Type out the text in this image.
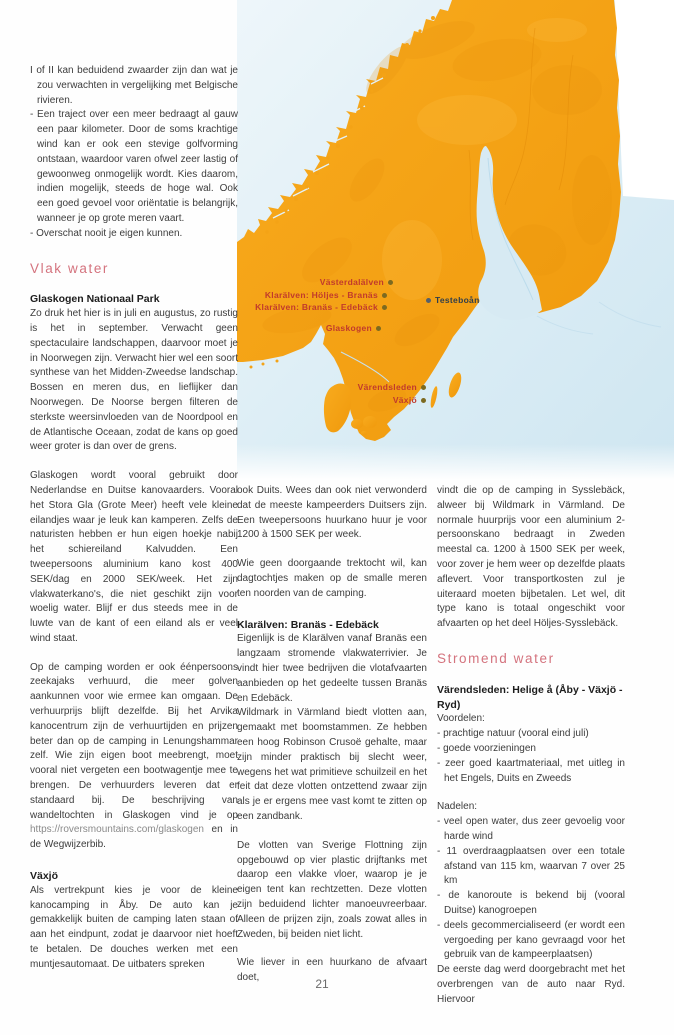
Västerdalälven
Klarälven: Höljes - Branäs
Klarälven: Branäs - Edebäck
Testeboån
Glaskogen
Värendsleden
Växjö

I of II kan beduidend zwaarder zijn dan wat je zou verwachten in vergelijking met Belgische rivieren.

- Een traject over een meer bedraagt al gauw een paar kilometer. Door de soms krachtige wind kan er ook een stevige golfvorming ontstaan, waardoor varen ofwel zeer lastig of gewoonweg onmogelijk wordt. Kies daarom, indien mogelijk, steeds de hoge wal. Ook een goed gevoel voor oriëntatie is belangrijk, wanneer je op grote meren vaart.

- Overschat nooit je eigen kunnen.

Vlak water
Glaskogen Nationaal Park

Zo druk het hier is in juli en augustus, zo rustig is het in september. Verwacht geen spectaculaire landschappen, daarvoor moet je in Noorwegen zijn. Verwacht hier wel een soort synthese van het Midden-Zweedse landschap. Bossen en meren dus, en lieflijker dan Noorwegen. De Noorse bergen filteren de sterkste weersinvloeden van de Noordpool en de Atlantische Oceaan, zodat de kans op goed weer groter is dan over de grens.

Glaskogen wordt vooral gebruikt door Nederlandse en Duitse kanovaarders. Vooral het Stora Gla (Grote Meer) heeft vele kleine eilandjes waar je leuk kan kamperen. Zelfs de naturisten hebben er hun eigen hoekje nabij het schiereiland Kalvudden. Een tweepersoons aluminium kano kost 400 SEK/dag en 2000 SEK/week. Het zijn vlakwaterkano's, die niet geschikt zijn voor woelig water. Blijf er dus steeds mee in de luwte van de kant of een eiland als er veel wind staat.

Op de camping worden er ook éénpersoons zeekajaks verhuurd, die meer golven aankunnen voor wie ermee kan omgaan. De verhuurprijs blijft dezelfde. Bij het Arvika kanocentrum zijn de verhuurtijden en prijzen beter dan op de camping in Lenungshammar zelf. Wie zijn eigen boot meebrengt, moet vooral niet vergeten een bootwagentje mee te brengen. De verhuurders leveren dat er standaard bij. De beschrijving van wandeltochten in Glaskogen vind je op https://roversmountains.com/glaskogen en in de Wegwijzerbib.

Växjö

Als vertrekpunt kies je voor de kleine kanocamping in Åby. De auto kan je gemakkelijk buiten de camping laten staan of aan het eindpunt, zodat je daarvoor niet hoeft te betalen. De douches werken met een muntjesautomaat. De uitbaters spreken

ook Duits. Wees dan ook niet verwonderd dat de meeste kampeerders Duitsers zijn. Een tweepersoons huurkano huur je voor 1200 à 1500 SEK per week.

Wie geen doorgaande trektocht wil, kan dagtochtjes maken op de smalle meren ten noorden van de camping.

Klarälven: Branäs - Edebäck

Eigenlijk is de Klarälven vanaf Branäs een langzaam stromende vlakwaterrivier. Je vindt hier twee bedrijven die vlotafvaarten aanbieden op het gedeelte tussen Branäs en Edebäck.

Wildmark in Värmland biedt vlotten aan, gemaakt met boomstammen. Ze hebben een hoog Robinson Crusoë gehalte, maar zijn minder praktisch bij slecht weer, wegens het wat primitieve schuilzeil en het feit dat deze vlotten ontzettend zwaar zijn als je er ergens mee vast komt te zitten op een zandbank.

De vlotten van Sverige Flottning zijn opgebouwd op vier plastic drijftanks met daarop een vlakke vloer, waarop je je eigen tent kan rechtzetten. Deze vlotten zijn beduidend lichter manoeuvreerbaar. Alleen de prijzen zijn, zoals zowat alles in Zweden, bij beiden niet licht.

Wie liever in een huurkano de afvaart doet,

vindt die op de camping in Sysslebäck, alweer bij Wildmark in Värmland. De normale huurprijs voor een aluminium 2-persoonskano bedraagt in Zweden meestal ca. 1200 à 1500 SEK per week, voor zover je hem weer op dezelfde plaats aflevert. Voor transportkosten zul je uiteraard moeten bijbetalen. Let wel, dit type kano is totaal ongeschikt voor afvaarten op het deel Höljes-Sysslebäck.

Stromend water
Värendsleden: Helige å (Åby - Växjö - Ryd)

Voordelen:

- prachtige natuur (vooral eind juli)

- goede voorzieningen

- zeer goed kaartmateriaal, met uitleg in het Engels, Duits en Zweeds

Nadelen:

- veel open water, dus zeer gevoelig voor harde wind

- 11 overdraagplaatsen over een totale afstand van 115 km, waarvan 7 over 25 km

- de kanoroute is bekend bij (vooral Duitse) kanogroepen

- deels gecommercialiseerd (er wordt een vergoeding per kano gevraagd voor het gebruik van de kampeerplaatsen)

De eerste dag werd doorgebracht met het overbrengen van de auto naar Ryd. Hiervoor

21
